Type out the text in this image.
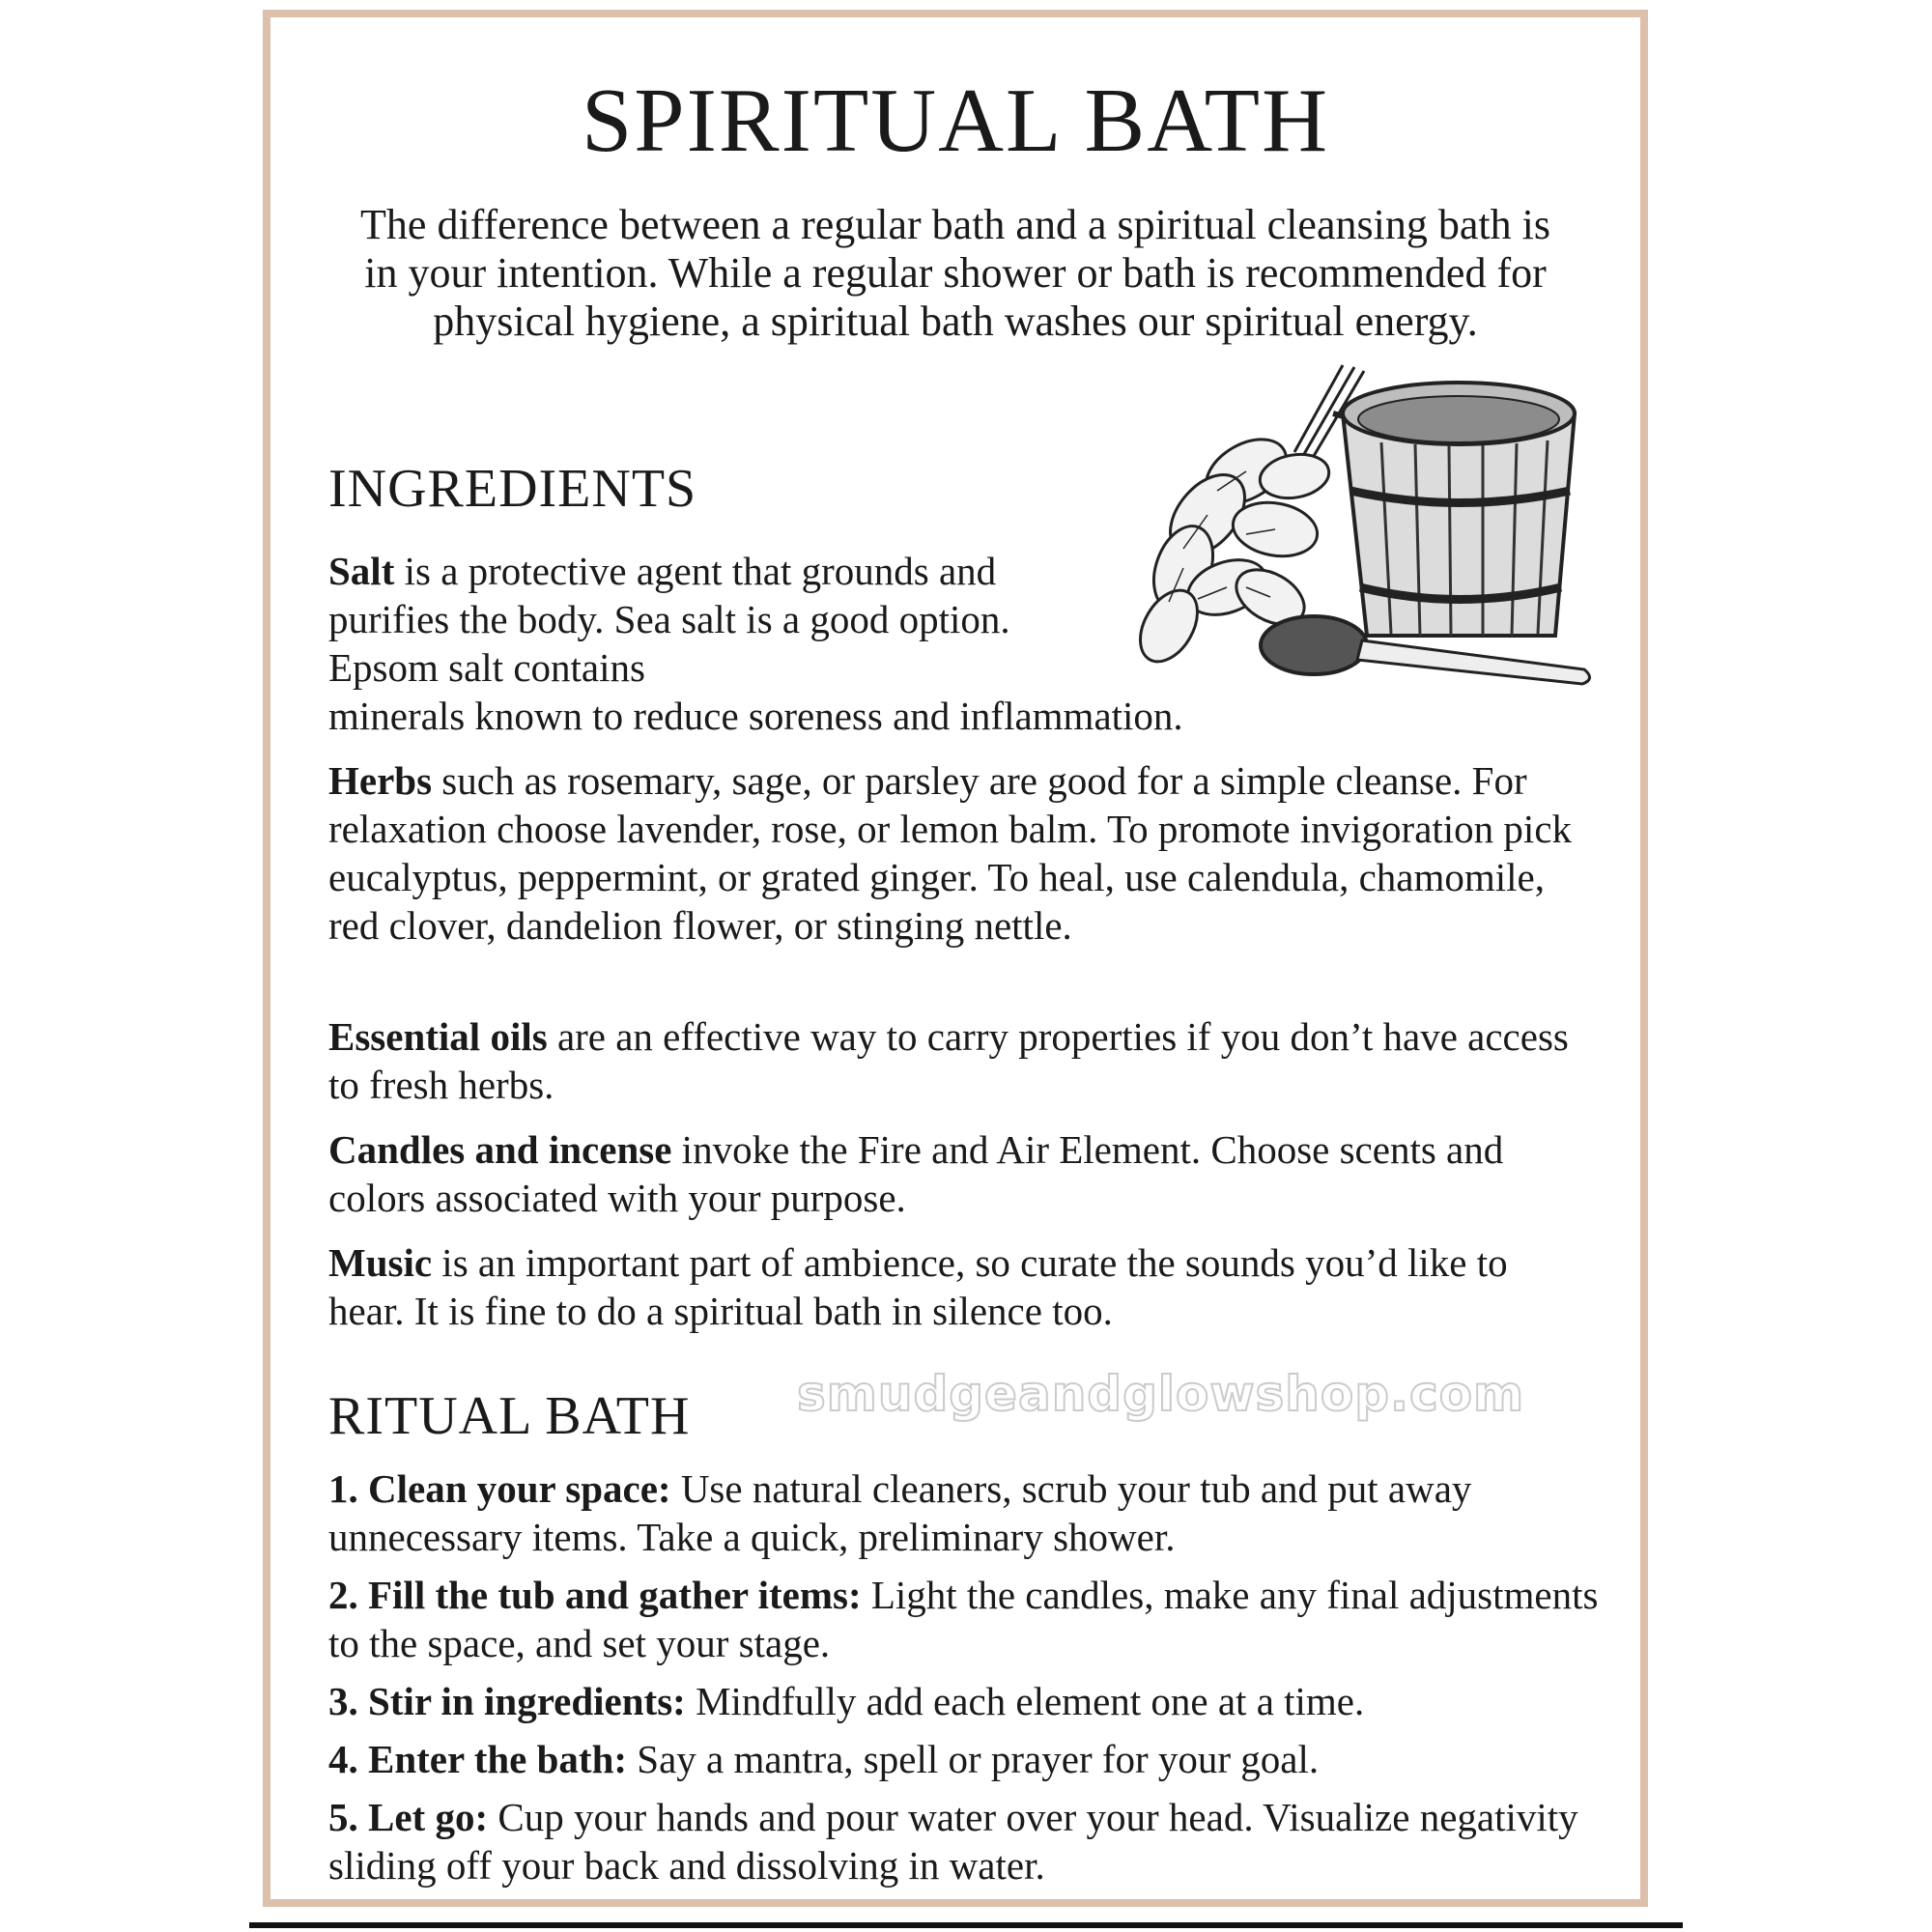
SPIRITUAL BATH

The difference between a regular bath and a spiritual cleansing bath is in your intention. While a regular shower or bath is recommended for physical hygiene, a spiritual bath washes our spiritual energy.

INGREDIENTS
Salt is a protective agent that grounds and purifies the body. Sea salt is a good option. Epsom salt contains
minerals known to reduce soreness and inflammation.

Herbs such as rosemary, sage, or parsley are good for a simple cleanse. For relaxation choose lavender, rose, or lemon balm. To promote invigoration pick eucalyptus, peppermint, or grated ginger. To heal, use calendula, chamomile, red clover, dandelion flower, or stinging nettle.

Essential oils are an effective way to carry properties if you don’t have access to fresh herbs.

Candles and incense invoke the Fire and Air Element. Choose scents and colors associated with your purpose.

Music is an important part of ambience, so curate the sounds you’d like to hear. It is fine to do a spiritual bath in silence too.

RITUAL BATH smudgeandglowshop.com
1. Clean your space: Use natural cleaners, scrub your tub and put away unnecessary items. Take a quick, preliminary shower.
2. Fill the tub and gather items: Light the candles, make any final adjustments to the space, and set your stage.
3. Stir in ingredients: Mindfully add each element one at a time.
4. Enter the bath: Say a mantra, spell or prayer for your goal.
5. Let go: Cup your hands and pour water over your head. Visualize negativity sliding off your back and dissolving in water.
